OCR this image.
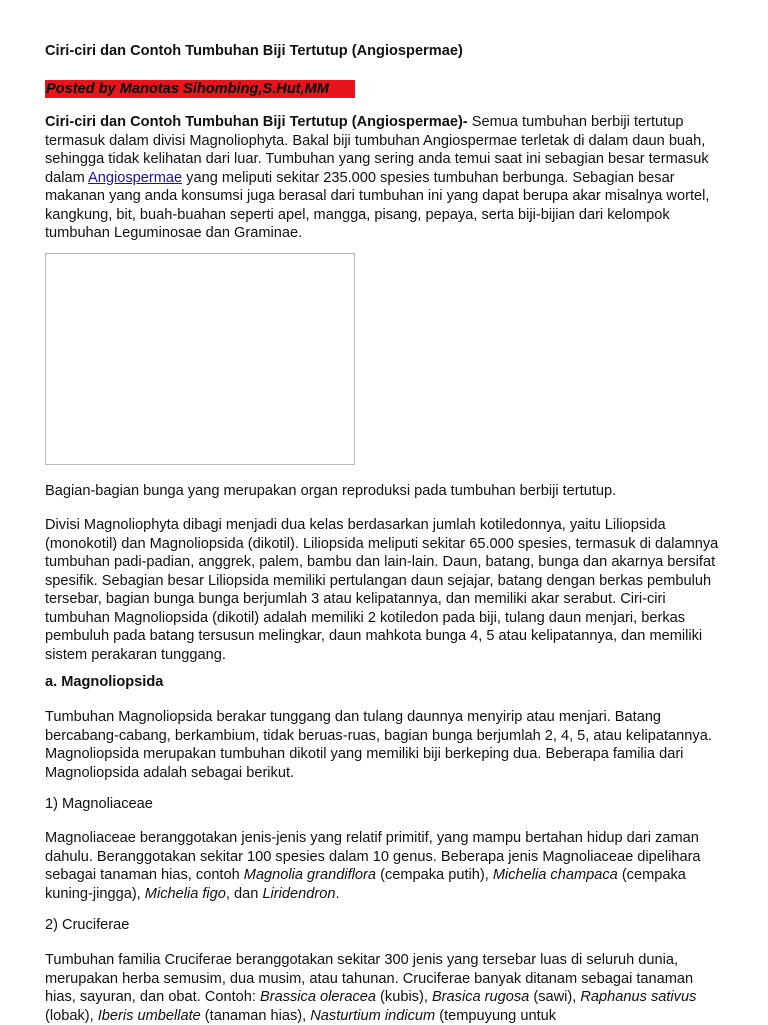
Ciri-ciri dan Contoh Tumbuhan Biji Tertutup (Angiospermae)
Posted by Manotas Sihombing,S.Hut,MM
Ciri-ciri dan Contoh Tumbuhan Biji Tertutup (Angiospermae)- Semua tumbuhan berbiji tertutup termasuk dalam divisi Magnoliophyta. Bakal biji tumbuhan Angiospermae terletak di dalam daun buah, sehingga tidak kelihatan dari luar. Tumbuhan yang sering anda temui saat ini sebagian besar termasuk dalam Angiospermae yang meliputi sekitar 235.000 spesies tumbuhan berbunga. Sebagian besar makanan yang anda konsumsi juga berasal dari tumbuhan ini yang dapat berupa akar misalnya wortel, kangkung, bit, buah-buahan seperti apel, mangga, pisang, pepaya, serta biji-bijian dari kelompok tumbuhan Leguminosae dan Graminae.
Bagian-bagian bunga yang merupakan organ reproduksi pada tumbuhan berbiji tertutup.
Divisi Magnoliophyta dibagi menjadi dua kelas berdasarkan jumlah kotiledonnya, yaitu Liliopsida (monokotil) dan Magnoliopsida (dikotil). Liliopsida meliputi sekitar 65.000 spesies, termasuk di dalamnya tumbuhan padi-padian, anggrek, palem, bambu dan lain-lain. Daun, batang, bunga dan akarnya bersifat spesifik. Sebagian besar Liliopsida memiliki pertulangan daun sejajar, batang dengan berkas pembuluh tersebar, bagian bunga bunga berjumlah 3 atau kelipatannya, dan memiliki akar serabut. Ciri-ciri tumbuhan Magnoliopsida (dikotil) adalah memiliki 2 kotiledon pada biji, tulang daun menjari, berkas pembuluh pada batang tersusun melingkar, daun mahkota bunga 4, 5 atau kelipatannya, dan memiliki sistem perakaran tunggang.
a. Magnoliopsida
Tumbuhan Magnoliopsida berakar tunggang dan tulang daunnya menyirip atau menjari. Batang bercabang-cabang, berkambium, tidak beruas-ruas, bagian bunga berjumlah 2, 4, 5, atau kelipatannya. Magnoliopsida merupakan tumbuhan dikotil yang memiliki biji berkeping dua. Beberapa familia dari Magnoliopsida adalah sebagai berikut.
1) Magnoliaceae
Magnoliaceae beranggotakan jenis-jenis yang relatif primitif, yang mampu bertahan hidup dari zaman dahulu. Beranggotakan sekitar 100 spesies dalam 10 genus. Beberapa jenis Magnoliaceae dipelihara sebagai tanaman hias, contoh Magnolia grandiflora (cempaka putih), Michelia champaca (cempaka kuning-jingga), Michelia figo, dan Liridendron.
2) Cruciferae
Tumbuhan familia Cruciferae beranggotakan sekitar 300 jenis yang tersebar luas di seluruh dunia, merupakan herba semusim, dua musim, atau tahunan. Cruciferae banyak ditanam sebagai tanaman hias, sayuran, dan obat. Contoh: Brassica oleracea (kubis), Brasica rugosa (sawi), Raphanus sativus (lobak), Iberis umbellate (tanaman hias), Nasturtium indicum (tempuyung untuk
